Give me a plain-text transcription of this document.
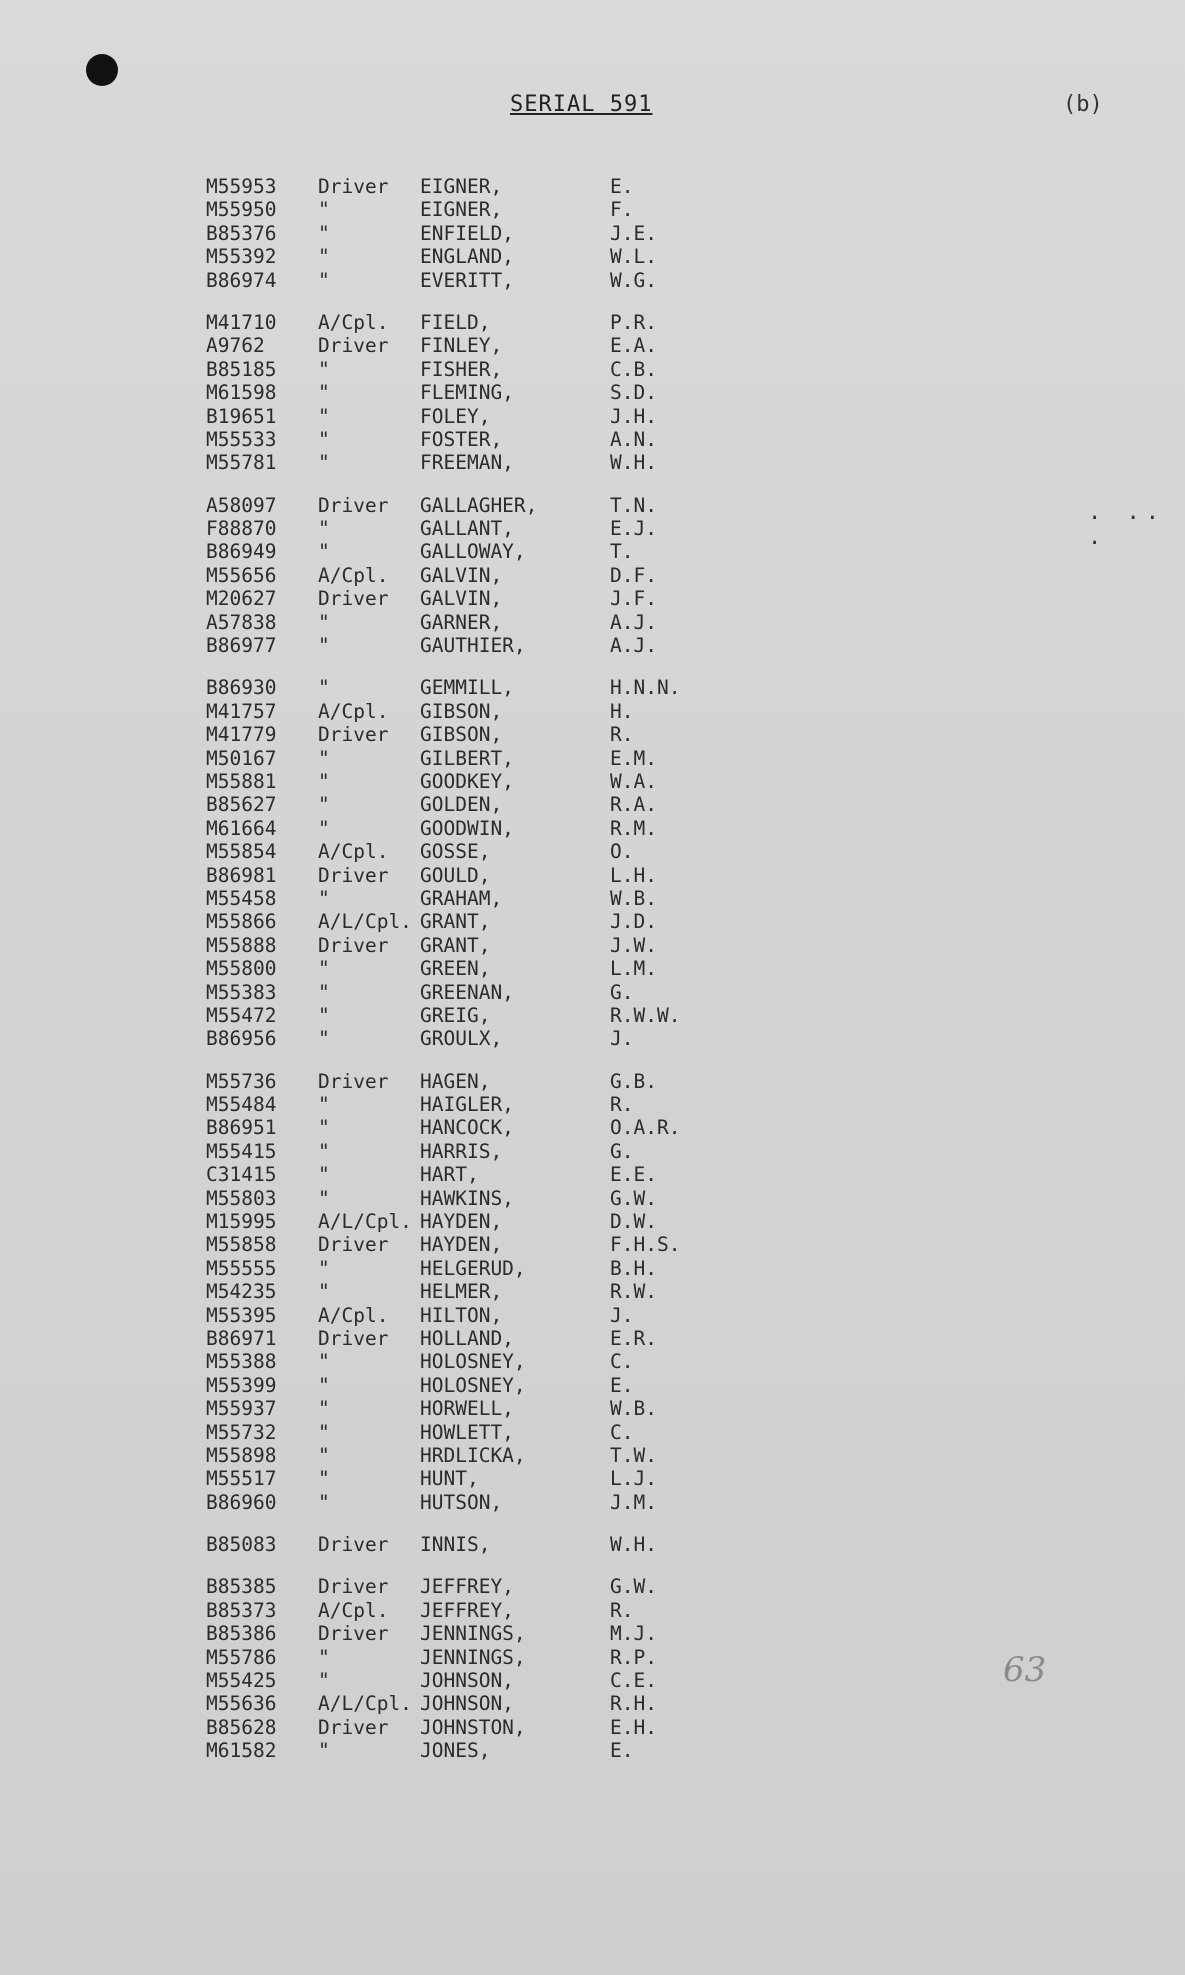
SERIAL 591	(b)
. .. .
63
M55953	Driver	EIGNER,	E.
M55950	"	EIGNER,	F.
B85376	"	ENFIELD,	J.E.
M55392	"	ENGLAND,	W.L.
B86974	"	EVERITT,	W.G.
M41710	A/Cpl.	FIELD,	P.R.
A9762	Driver	FINLEY,	E.A.
B85185	"	FISHER,	C.B.
M61598	"	FLEMING,	S.D.
B19651	"	FOLEY,	J.H.
M55533	"	FOSTER,	A.N.
M55781	"	FREEMAN,	W.H.
A58097	Driver	GALLAGHER,	T.N.
F88870	"	GALLANT,	E.J.
B86949	"	GALLOWAY,	T.
M55656	A/Cpl.	GALVIN,	D.F.
M20627	Driver	GALVIN,	J.F.
A57838	"	GARNER,	A.J.
B86977	"	GAUTHIER,	A.J.
B86930	"	GEMMILL,	H.N.N.
M41757	A/Cpl.	GIBSON,	H.
M41779	Driver	GIBSON,	R.
M50167	"	GILBERT,	E.M.
M55881	"	GOODKEY,	W.A.
B85627	"	GOLDEN,	R.A.
M61664	"	GOODWIN,	R.M.
M55854	A/Cpl.	GOSSE,	O.
B86981	Driver	GOULD,	L.H.
M55458	"	GRAHAM,	W.B.
M55866	A/L/Cpl. GRANT,	J.D.
M55888	Driver	GRANT,	J.W.
M55800	"	GREEN,	L.M.
M55383	"	GREENAN,	G.
M55472	"	GREIG,	R.W.W.
B86956	"	GROULX,	J.
M55736	Driver	HAGEN,	G.B.
M55484	"	HAIGLER,	R.
B86951	"	HANCOCK,	O.A.R.
M55415	"	HARRIS,	G.
C31415	"	HART,	E.E.
M55803	"	HAWKINS,	G.W.
M15995	A/L/Cpl. HAYDEN,	D.W.
M55858	Driver	HAYDEN,	F.H.S.
M55555	"	HELGERUD,	B.H.
M54235	"	HELMER,	R.W.
M55395	A/Cpl.	HILTON,	J.
B86971	Driver	HOLLAND,	E.R.
M55388	"	HOLOSNEY,	C.
M55399	"	HOLOSNEY,	E.
M55937	"	HORWELL,	W.B.
M55732	"	HOWLETT,	C.
M55898	"	HRDLICKA,	T.W.
M55517	"	HUNT,	L.J.
B86960	"	HUTSON,	J.M.
B85083	Driver	INNIS,	W.H.
B85385	Driver	JEFFREY,	G.W.
B85373	A/Cpl.	JEFFREY,	R.
B85386	Driver	JENNINGS,	M.J.
M55786	"	JENNINGS,	R.P.
M55425	"	JOHNSON,	C.E.
M55636	A/L/Cpl. JOHNSON,	R.H.
B85628	Driver	JOHNSTON,	E.H.
M61582	"	JONES,	E.
